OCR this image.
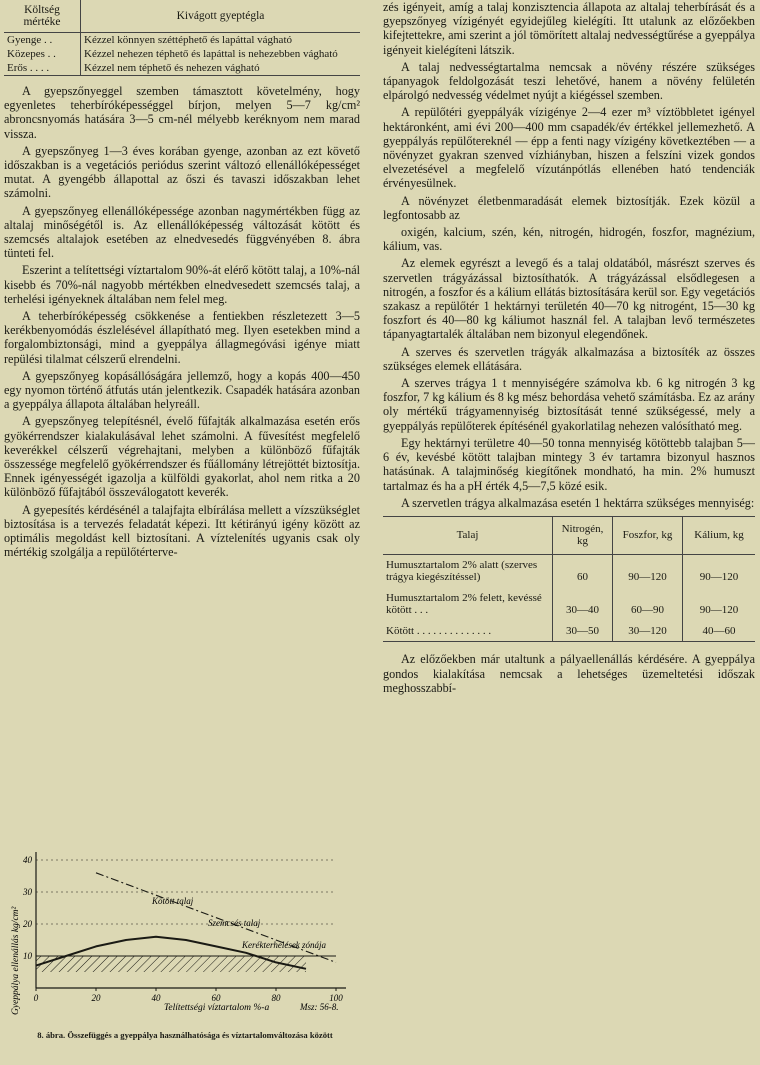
Költség mértéke	Kivágott gyeptégla
Gyenge . .	Kézzel könnyen széttéphető és lapáttal vágható
Közepes . .	Kézzel nehezen téphető és lapáttal is nehezebben vágható
Erős . . . .	Kézzel nem téphető és nehezen vágható

A gyepszőnyeggel szemben támasztott követelmény, hogy egyenletes teherbíróképességgel bírjon, melyen 5—7 kg/cm² abroncsnyomás hatására 3—5 cm-nél mélyebb keréknyom nem marad vissza.

A gyepszőnyeg 1—3 éves korában gyenge, azonban az ezt követő időszakban is a vegetációs periódus szerint változó ellenállóképességet mutat. A gyengébb állapottal az őszi és tavaszi időszakban lehet számolni.

A gyepszőnyeg ellenállóképessége azonban nagymértékben függ az altalaj minőségétől is. Az ellenállóképesség változását kötött és szemcsés altalajok esetében az elnedvesedés függvényében 8. ábra tünteti fel.

Eszerint a telítettségi víztartalom 90%-át elérő kötött talaj, a 10%-nál kisebb és 70%-nál nagyobb mértékben elnedvesedett szemcsés talaj, a terhelési igényeknek általában nem felel meg.

A teherbíróképesség csökkenése a fentiekben részletezett 3—5 kerékbenyomódás észlelésével állapítható meg. Ilyen esetekben mind a forgalombiztonsági, mind a gyeppálya állagmegóvási igénye miatt repülési tilalmat célszerű elrendelni.

A gyepszőnyeg kopásállóságára jellemző, hogy a kopás 400—450 egy nyomon történő átfutás után jelentkezik. Csapadék hatására azonban a gyeppálya állapota általában helyreáll.

A gyepszőnyeg telepítésnél, évelő fűfajták alkalmazása esetén erős gyökérrendszer kialakulásával lehet számolni. A fűvesítést megfelelő keverékkel célszerű végrehajtani, melyben a különböző fűfajták összessége megfelelő gyökérrendszer és fűállomány létrejöttét biztosítja. Ennek igényességét igazolja a külföldi gyakorlat, ahol nem ritka a 20 különböző fűfajtából összeválogatott keverék.

A gyepesítés kérdésénél a talajfajta elbírálása mellett a vízszükséglet biztosítása is a tervezés feladatát képezi. Itt kétirányú igény között az optimális megoldást kell biztosítani. A víztelenítés ugyanis csak oly mértékig szolgálja a repülőtérterve-

zés igényeit, amíg a talaj konzisztencia állapota az altalaj teherbírását és a gyepszőnyeg vízigényét egyidejűleg kielégíti. Itt utalunk az előzőekben kifejtettekre, ami szerint a jól tömörített altalaj nedvességtűrése a gyeppálya igényeit kielégíteni látszik.

A talaj nedvességtartalma nemcsak a növény részére szükséges tápanyagok feldolgozását teszi lehetővé, hanem a növény felületén elpárolgó nedvesség védelmet nyújt a kiégéssel szemben.

A repülőtéri gyeppályák vízigénye 2—4 ezer m³ víztöbbletet igényel hektáronként, ami évi 200—400 mm csapadék/év értékkel jellemezhető. A gyeppályás repülőtereknél — épp a fenti nagy vízigény következtében — a növényzet gyakran szenved vízhiányban, hiszen a felszíni vizek gondos elvezetésével a megfelelő vízutánpótlás ellenében ható tendenciák érvényesülnek.

A növényzet életbenmaradását elemek biztosítják. Ezek közül a legfontosabb az

oxigén, kalcium, szén, kén, nitrogén, hidrogén, foszfor, magnézium, kálium, vas.

Az elemek egyrészt a levegő és a talaj oldatából, másrészt szerves és szervetlen trágyázással biztosíthatók. A trágyázással elsődlegesen a nitrogén, a foszfor és a kálium ellátás biztosítására kerül sor. Egy vegetációs szakasz a repülőtér 1 hektárnyi területén 40—70 kg nitrogént, 15—30 kg foszfort és 40—80 kg káliumot használ fel. A talajban levő természetes tápanyagtartalék általában nem bizonyul elegendőnek.

A szerves és szervetlen trágyák alkalmazása a biztosíték az összes szükséges elemek ellátására.

A szerves trágya 1 t mennyiségére számolva kb. 6 kg nitrogén 3 kg foszfor, 7 kg kálium és 8 kg mész behordása vehető számításba. Ez az arány oly mértékű trágyamennyiség biztosítását tenné szükségessé, mely a gyeppályás repülőterek építésénél gyakorlatilag nehezen valósítható meg.

Egy hektárnyi területre 40—50 tonna mennyiség kötöttebb talajban 5—6 év, kevésbé kötött talajban mintegy 3 év tartamra bizonyul hasznos hatásúnak. A talajminőség kiegítőnek mondható, ha min. 2% humuszt tartalmaz és ha a pH érték 4,5—7,5 közé esik.

A szervetlen trágya alkalmazása esetén 1 hektárra szükséges mennyiség:

Talaj	Nitrogén, kg	Foszfor, kg	Kálium, kg
Humusztartalom 2% alatt (szerves trágya kiegészítéssel)	60	90—120	90—120
Humusztartalom 2% felett, kevéssé kötött . . .	30—40	60—90	90—120
Kötött . . . . . . . . . . . . . .	30—50	30—120	40—60

Az előzőekben már utaltunk a pályaellenállás kérdésére. A gyeppálya gondos kialakítása nemcsak a lehetséges üzemeltetési időszak meghosszabbí-

10
20
30
40
0	20	40	60	80	100
Telítettségi víztartalom %-a	Msz: 56-8.
Kötött talaj
Szemcsés talaj
Kerékterhelések zónája
Gyeppálya ellenállás kg/cm²
8. ábra. Összefüggés a gyeppálya használhatósága és víztartalomváltozása között
